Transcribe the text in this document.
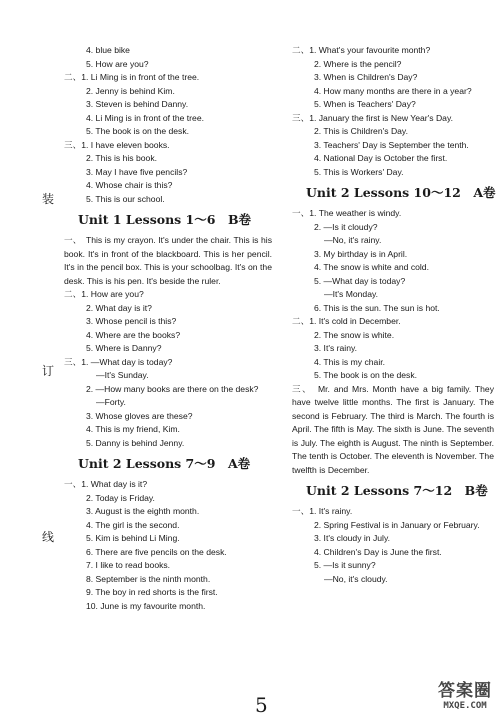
装
订
线
4. blue bike
5. How are you?
二、1. Li Ming is in front of the tree.
2. Jenny is behind Kim.
3. Steven is behind Danny.
4. Li Ming is in front of the tree.
5. The book is on the desk.
三、1. I have eleven books.
2. This is his book.
3. May I have five pencils?
4. Whose chair is this?
5. This is our school.
Unit 1 Lessons 1～6　B卷
一、　This is my crayon. It's under the chair. This is his book. It's in front of the blackboard. This is her pencil. It's in the pencil box. This is your schoolbag. It's on the desk. This is his pen. It's beside the ruler.
二、1. How are you?
2. What day is it?
3. Whose pencil is this?
4. Where are the books?
5. Where is Danny?
三、1. —What day is today?
—It's Sunday.
2. —How many books are there on the desk?
—Forty.
3. Whose gloves are these?
4. This is my friend, Kim.
5. Danny is behind Jenny.
Unit 2 Lessons 7～9　A卷
一、1. What day is it?
2. Today is Friday.
3. August is the eighth month.
4. The girl is the second.
5. Kim is behind Li Ming.
6. There are five pencils on the desk.
7. I like to read books.
8. September is the ninth month.
9. The boy in red shorts is the first.
10. June is my favourite month.
二、1. What's your favourite month?
2. Where is the pencil?
3. When is Children's Day?
4. How many months are there in a year?
5. When is Teachers' Day?
三、1. January the first is New Year's Day.
2. This is Children's Day.
3. Teachers' Day is September the tenth.
4. National Day is October the first.
5. This is Workers' Day.
Unit 2 Lessons 10～12　A卷
一、1. The weather is windy.
2. —Is it cloudy?
—No, it's rainy.
3. My birthday is in April.
4. The snow is white and cold.
5. —What day is today?
—It's Monday.
6. This is the sun. The sun is hot.
二、1. It's cold in December.
2. The snow is white.
3. It's rainy.
4. This is my chair.
5. The book is on the desk.
三、　Mr. and Mrs. Month have a big family. They have twelve little months. The first is January. The second is February. The third is March. The fourth is April. The fifth is May. The sixth is June. The seventh is July. The eighth is August. The ninth is September. The tenth is October. The eleventh is November. The twelfth is December.
Unit 2 Lessons 7～12　B卷
一、1. It's rainy.
2. Spring Festival is in January or February.
3. It's cloudy in July.
4. Children's Day is June the first.
5. —Is it sunny?
—No, it's cloudy.
5
答案圈
MXQE.COM
